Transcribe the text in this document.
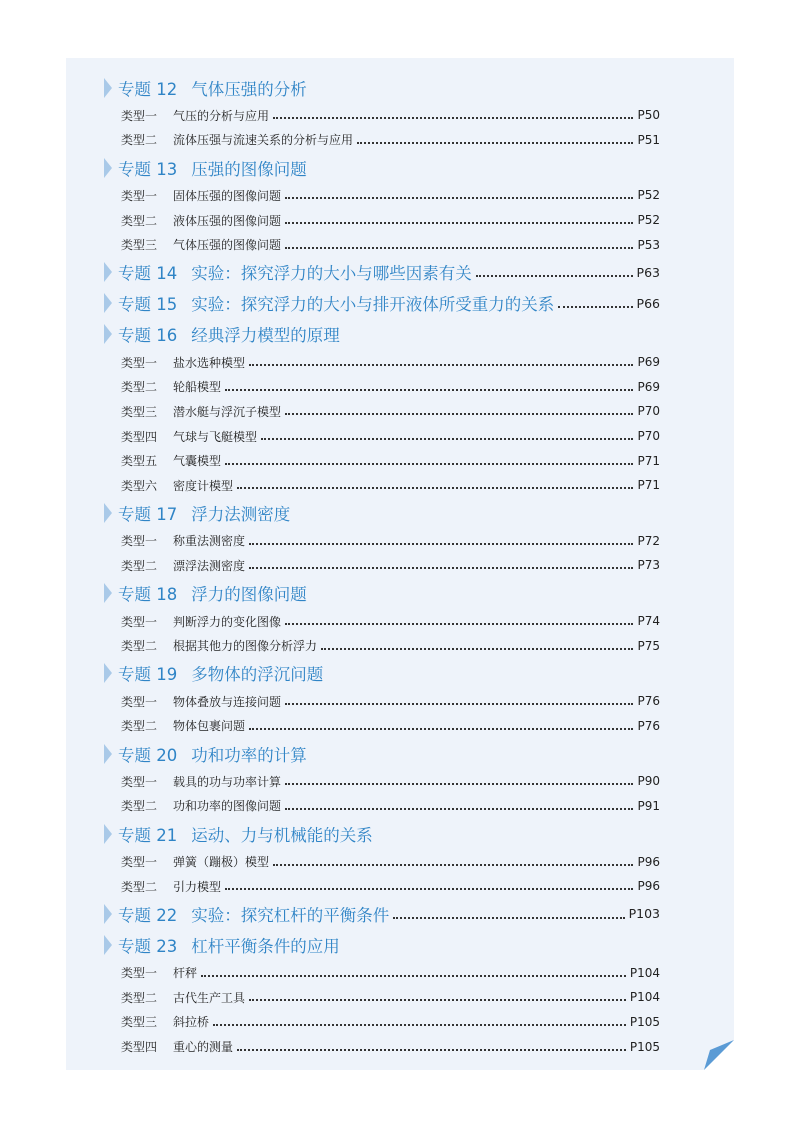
专题 12 气体压强的分析
类型一	气压的分析与应用	P50
类型二	流体压强与流速关系的分析与应用	P51
专题 13 压强的图像问题
类型一	固体压强的图像问题	P52
类型二	液体压强的图像问题	P52
类型三	气体压强的图像问题	P53
专题 14 实验：探究浮力的大小与哪些因素有关	P63
专题 15 实验：探究浮力的大小与排开液体所受重力的关系	P66
专题 16 经典浮力模型的原理
类型一	盐水选种模型	P69
类型二	轮船模型	P69
类型三	潜水艇与浮沉子模型	P70
类型四	气球与飞艇模型	P70
类型五	气囊模型	P71
类型六	密度计模型	P71
专题 17 浮力法测密度
类型一	称重法测密度	P72
类型二	漂浮法测密度	P73
专题 18 浮力的图像问题
类型一	判断浮力的变化图像	P74
类型二	根据其他力的图像分析浮力	P75
专题 19 多物体的浮沉问题
类型一	物体叠放与连接问题	P76
类型二	物体包裹问题	P76
专题 20 功和功率的计算
类型一	载具的功与功率计算	P90
类型二	功和功率的图像问题	P91
专题 21 运动、力与机械能的关系
类型一	弹簧（蹦极）模型	P96
类型二	引力模型	P96
专题 22 实验：探究杠杆的平衡条件	P103
专题 23 杠杆平衡条件的应用
类型一	杆秤	P104
类型二	古代生产工具	P104
类型三	斜拉桥	P105
类型四	重心的测量	P105
